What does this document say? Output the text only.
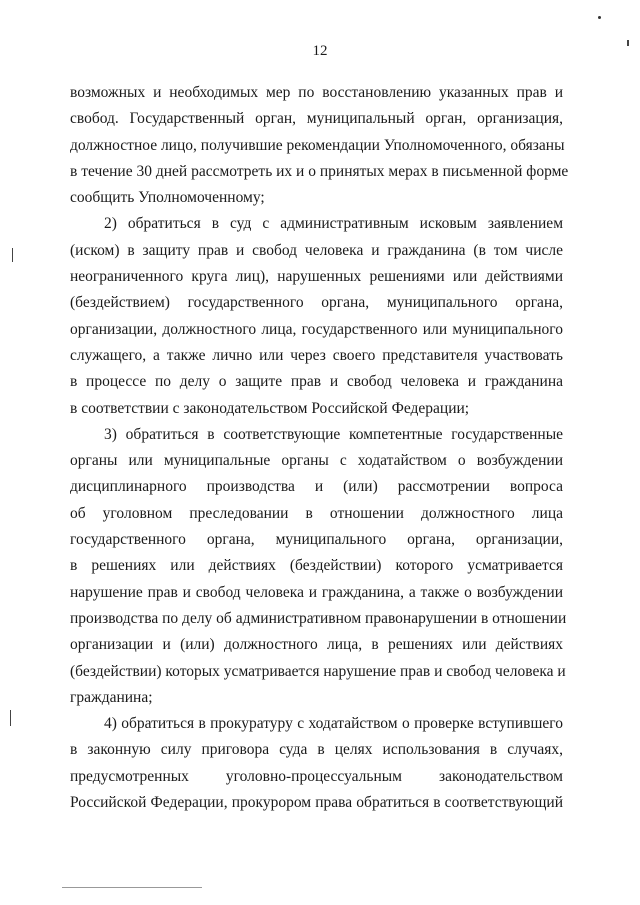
12
возможных и необходимых мер по восстановлению указанных прав и
свобод. Государственный орган, муниципальный орган, организация,
должностное лицо, получившие рекомендации Уполномоченного, обязаны
в течение 30 дней рассмотреть их и о принятых мерах в письменной форме
сообщить Уполномоченному;
2) обратиться в суд с административным исковым заявлением
(иском) в защиту прав и свобод человека и гражданина (в том числе
неограниченного круга лиц), нарушенных решениями или действиями
(бездействием) государственного органа, муниципального органа,
организации, должностного лица, государственного или муниципального
служащего, а также лично или через своего представителя участвовать
в процессе по делу о защите прав и свобод человека и гражданина
в соответствии с законодательством Российской Федерации;
3) обратиться в соответствующие компетентные государственные
органы или муниципальные органы с ходатайством о возбуждении
дисциплинарного производства и (или) рассмотрении вопроса
об уголовном преследовании в отношении должностного лица
государственного органа, муниципального органа, организации,
в решениях или действиях (бездействии) которого усматривается
нарушение прав и свобод человека и гражданина, а также о возбуждении
производства по делу об административном правонарушении в отношении
организации и (или) должностного лица, в решениях или действиях
(бездействии) которых усматривается нарушение прав и свобод человека и
гражданина;
4) обратиться в прокуратуру с ходатайством о проверке вступившего
в законную силу приговора суда в целях использования в случаях,
предусмотренных уголовно-процессуальным законодательством
Российской Федерации, прокурором права обратиться в соответствующий
